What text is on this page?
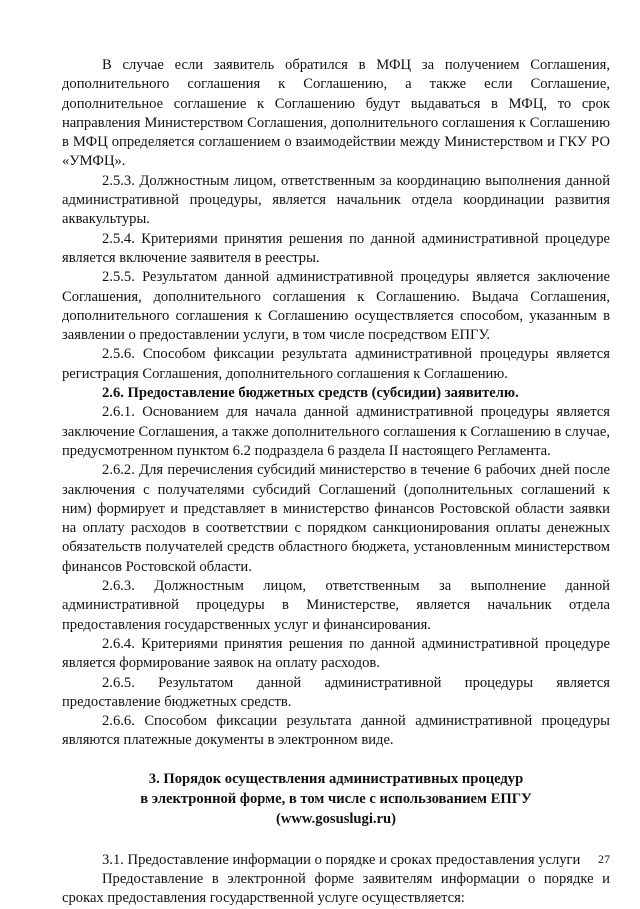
В случае если заявитель обратился в МФЦ за получением Соглашения, дополнительного соглашения к Соглашению, а также если Соглашение, дополнительное соглашение к Соглашению будут выдаваться в МФЦ, то срок направления Министерством Соглашения, дополнительного соглашения к Соглашению в МФЦ определяется соглашением о взаимодействии между Министерством и ГКУ РО «УМФЦ».

2.5.3. Должностным лицом, ответственным за координацию выполнения данной административной процедуры, является начальник отдела координации развития аквакультуры.

2.5.4. Критериями принятия решения по данной административной процедуре является включение заявителя в реестры.

2.5.5. Результатом данной административной процедуры является заключение Соглашения, дополнительного соглашения к Соглашению. Выдача Соглашения, дополнительного соглашения к Соглашению осуществляется способом, указанным в заявлении о предоставлении услуги, в том числе посредством ЕПГУ.

2.5.6. Способом фиксации результата административной процедуры является регистрация Соглашения, дополнительного соглашения к Соглашению.

2.6. Предоставление бюджетных средств (субсидии) заявителю.

2.6.1. Основанием для начала данной административной процедуры является заключение Соглашения, а также дополнительного соглашения к Соглашению в случае, предусмотренном пунктом 6.2 подраздела 6 раздела II настоящего Регламента.

2.6.2. Для перечисления субсидий министерство в течение 6 рабочих дней после заключения с получателями субсидий Соглашений (дополнительных соглашений к ним) формирует и представляет в министерство финансов Ростовской области заявки на оплату расходов в соответствии с порядком санкционирования оплаты денежных обязательств получателей средств областного бюджета, установленным министерством финансов Ростовской области.

2.6.3. Должностным лицом, ответственным за выполнение данной административной процедуры в Министерстве, является начальник отдела предоставления государственных услуг и финансирования.

2.6.4. Критериями принятия решения по данной административной процедуре является формирование заявок на оплату расходов.

2.6.5. Результатом данной административной процедуры является предоставление бюджетных средств.

2.6.6. Способом фиксации результата данной административной процедуры являются платежные документы в электронном виде.

3. Порядок осуществления административных процедур
в электронной форме, в том числе с использованием ЕПГУ
(www.gosuslugi.ru)

3.1. Предоставление информации о порядке и сроках предоставления услуги

Предоставление в электронной форме заявителям информации о порядке и сроках предоставления государственной услуге осуществляется:

27
